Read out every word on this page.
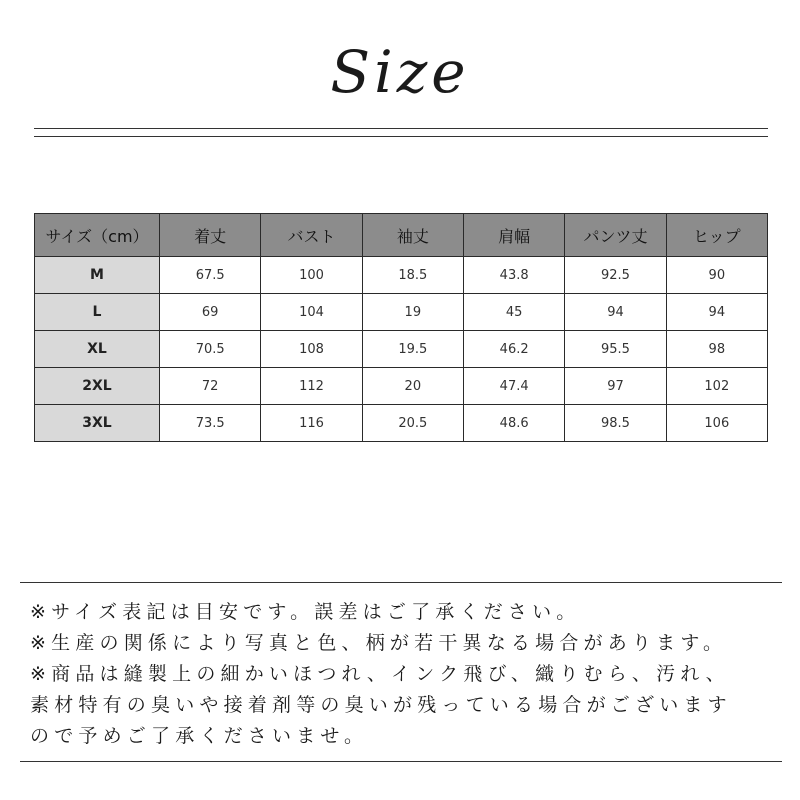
Size
サイズ（cm）	着丈	バスト	袖丈	肩幅	パンツ丈	ヒップ
M	67.5	100	18.5	43.8	92.5	90
L	69	104	19	45	94	94
XL	70.5	108	19.5	46.2	95.5	98
2XL	72	112	20	47.4	97	102
3XL	73.5	116	20.5	48.6	98.5	106

※サイズ表記は目安です。誤差はご了承ください。

※生産の関係により写真と色、柄が若干異なる場合があります。

※商品は縫製上の細かいほつれ、インク飛び、織りむら、汚れ、

素材特有の臭いや接着剤等の臭いが残っている場合がございます

ので予めご了承くださいませ。
